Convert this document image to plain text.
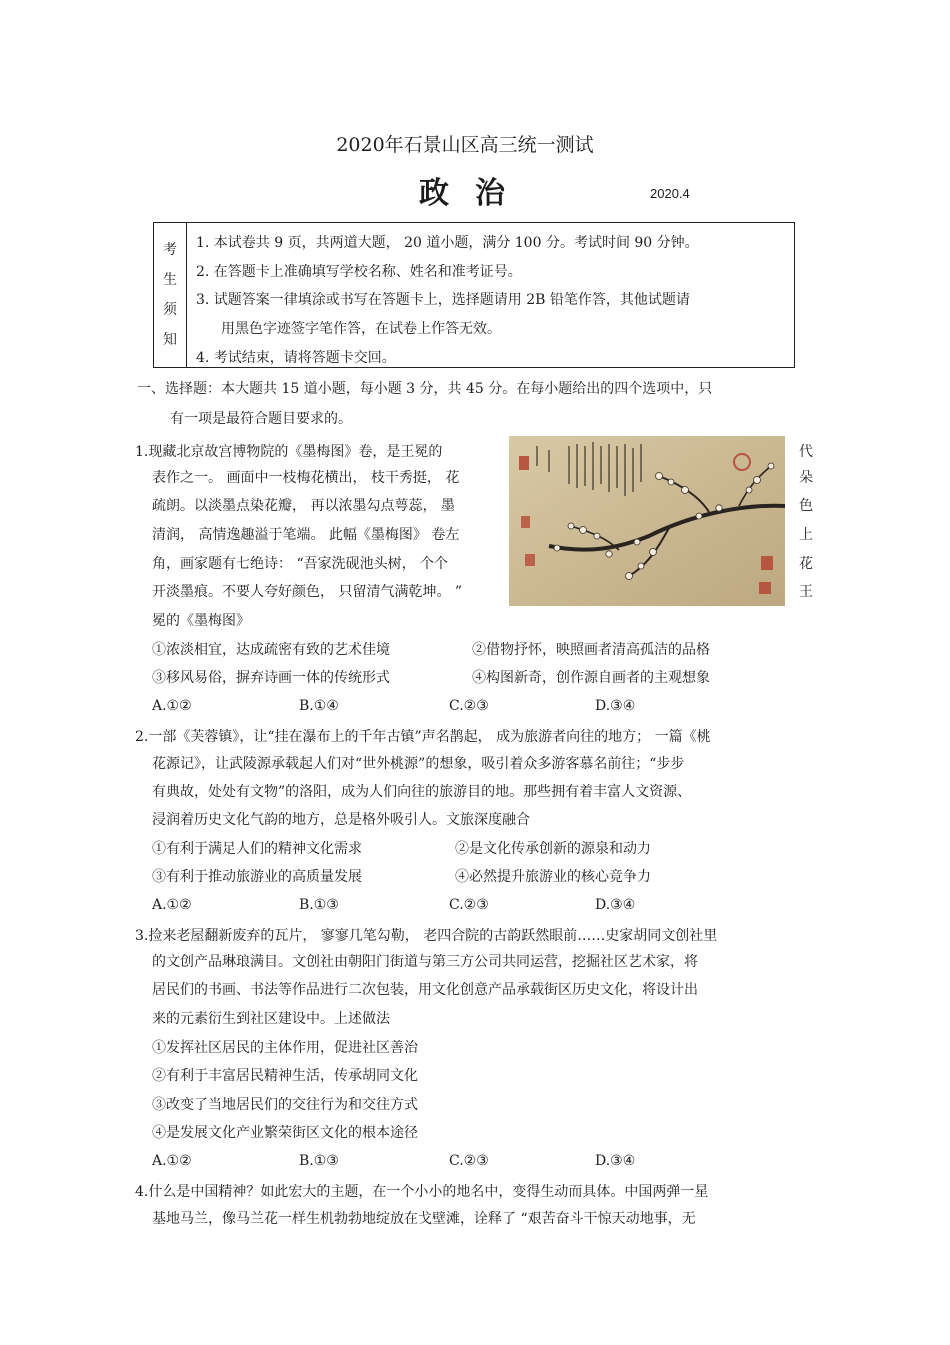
2020年石景山区高三统一测试
政治	2020.4
考
生
须
知
1. 本试卷共 9 页，共两道大题， 20 道小题，满分 100 分。考试时间 90 分钟。
2. 在答题卡上准确填写学校名称、姓名和准考证号。
3. 试题答案一律填涂或书写在答题卡上，选择题请用 2B 铅笔作答，其他试题请
用黑色字迹签字笔作答，在试卷上作答无效。
4. 考试结束，请将答题卡交回。
一、选择题：本大题共 15 道小题，每小题 3 分，共 45 分。在每小题给出的四个选项中，只
有一项是最符合题目要求的。
1.现藏北京故宫博物院的《墨梅图》卷，是王冕的
表作之一。 画面中一枝梅花横出， 枝干秀挺， 花
疏朗。以淡墨点染花瓣， 再以浓墨勾点萼蕊， 墨
清润， 高情逸趣溢于笔端。 此幅《墨梅图》 卷左
角，画家题有七绝诗： “吾家洗砚池头树， 个个
开淡墨痕。不要人夸好颜色， 只留清气满乾坤。 ”
冕的《墨梅图》
代
朵
色
上
花
王
①浓淡相宜，达成疏密有致的艺术佳境	②借物抒怀，映照画者清高孤洁的品格
③移风易俗，摒弃诗画一体的传统形式	④构图新奇，创作源自画者的主观想象
A.①②	B.①④	C.②③	D.③④
2.一部《芙蓉镇》，让“挂在瀑布上的千年古镇”声名鹊起， 成为旅游者向往的地方； 一篇《桃
花源记》，让武陵源承载起人们对“世外桃源”的想象，吸引着众多游客慕名前往；“步步
有典故，处处有文物”的洛阳，成为人们向往的旅游目的地。那些拥有着丰富人文资源、
浸润着历史文化气韵的地方，总是格外吸引人。文旅深度融合
①有利于满足人们的精神文化需求	②是文化传承创新的源泉和动力
③有利于推动旅游业的高质量发展	④必然提升旅游业的核心竞争力
A.①②	B.①③	C.②③	D.③④
3.捡来老屋翻新废弃的瓦片， 寥寥几笔勾勒， 老四合院的古韵跃然眼前……史家胡同文创社里
的文创产品琳琅满目。文创社由朝阳门街道与第三方公司共同运营，挖掘社区艺术家，将
居民们的书画、书法等作品进行二次包装，用文化创意产品承载街区历史文化，将设计出
来的元素衍生到社区建设中。上述做法
①发挥社区居民的主体作用，促进社区善治
②有利于丰富居民精神生活，传承胡同文化
③改变了当地居民们的交往行为和交往方式
④是发展文化产业繁荣街区文化的根本途径
A.①②	B.①③	C.②③	D.③④
4.什么是中国精神？如此宏大的主题，在一个小小的地名中，变得生动而具体。中国两弹一星
基地马兰，像马兰花一样生机勃勃地绽放在戈壁滩，诠释了 “艰苦奋斗干惊天动地事，无
